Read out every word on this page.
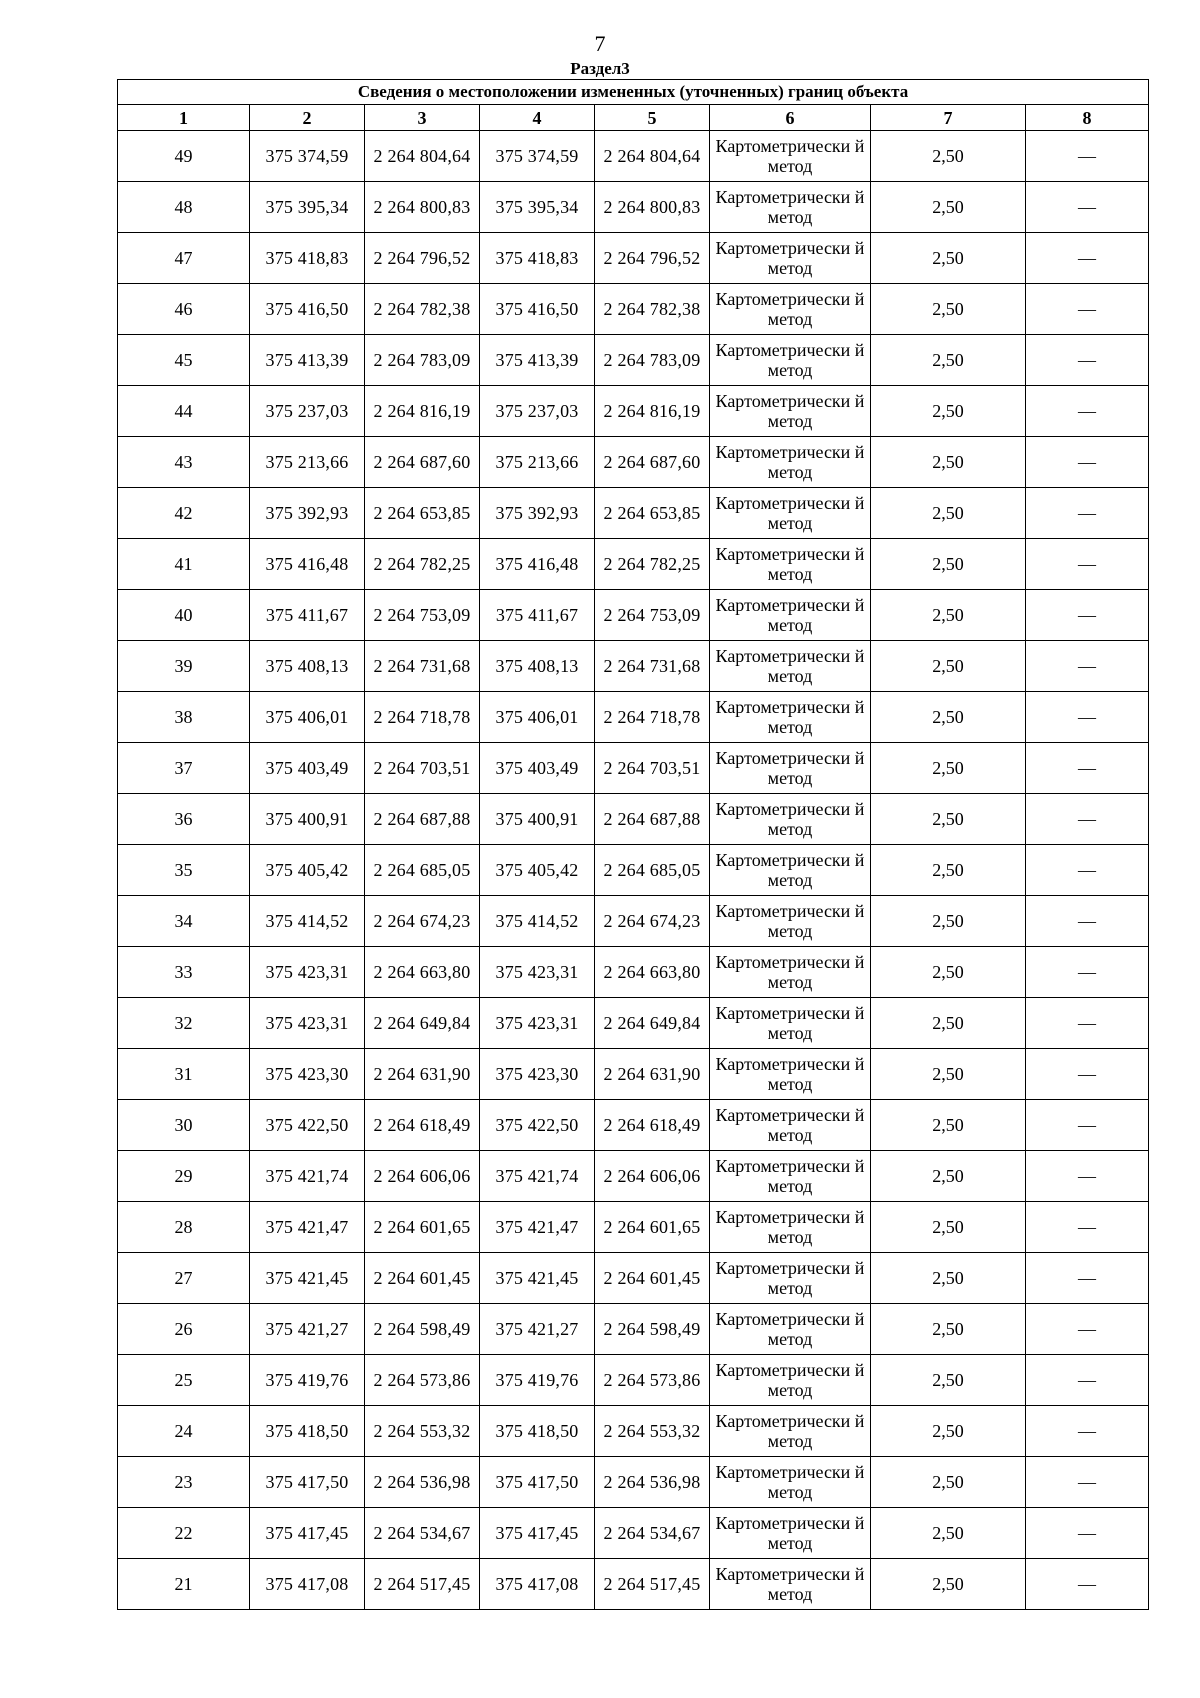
7
Раздел3
Сведения о местоположении измененных (уточненных) границ объекта							
1	2	3	4	5	6	7	8
49	375 374,59	2 264 804,64	375 374,59	2 264 804,64	Картометрически й метод	2,50	—
48	375 395,34	2 264 800,83	375 395,34	2 264 800,83	Картометрически й метод	2,50	—
47	375 418,83	2 264 796,52	375 418,83	2 264 796,52	Картометрически й метод	2,50	—
46	375 416,50	2 264 782,38	375 416,50	2 264 782,38	Картометрически й метод	2,50	—
45	375 413,39	2 264 783,09	375 413,39	2 264 783,09	Картометрически й метод	2,50	—
44	375 237,03	2 264 816,19	375 237,03	2 264 816,19	Картометрически й метод	2,50	—
43	375 213,66	2 264 687,60	375 213,66	2 264 687,60	Картометрически й метод	2,50	—
42	375 392,93	2 264 653,85	375 392,93	2 264 653,85	Картометрически й метод	2,50	—
41	375 416,48	2 264 782,25	375 416,48	2 264 782,25	Картометрически й метод	2,50	—
40	375 411,67	2 264 753,09	375 411,67	2 264 753,09	Картометрически й метод	2,50	—
39	375 408,13	2 264 731,68	375 408,13	2 264 731,68	Картометрически й метод	2,50	—
38	375 406,01	2 264 718,78	375 406,01	2 264 718,78	Картометрически й метод	2,50	—
37	375 403,49	2 264 703,51	375 403,49	2 264 703,51	Картометрически й метод	2,50	—
36	375 400,91	2 264 687,88	375 400,91	2 264 687,88	Картометрически й метод	2,50	—
35	375 405,42	2 264 685,05	375 405,42	2 264 685,05	Картометрически й метод	2,50	—
34	375 414,52	2 264 674,23	375 414,52	2 264 674,23	Картометрически й метод	2,50	—
33	375 423,31	2 264 663,80	375 423,31	2 264 663,80	Картометрически й метод	2,50	—
32	375 423,31	2 264 649,84	375 423,31	2 264 649,84	Картометрически й метод	2,50	—
31	375 423,30	2 264 631,90	375 423,30	2 264 631,90	Картометрически й метод	2,50	—
30	375 422,50	2 264 618,49	375 422,50	2 264 618,49	Картометрически й метод	2,50	—
29	375 421,74	2 264 606,06	375 421,74	2 264 606,06	Картометрически й метод	2,50	—
28	375 421,47	2 264 601,65	375 421,47	2 264 601,65	Картометрически й метод	2,50	—
27	375 421,45	2 264 601,45	375 421,45	2 264 601,45	Картометрически й метод	2,50	—
26	375 421,27	2 264 598,49	375 421,27	2 264 598,49	Картометрически й метод	2,50	—
25	375 419,76	2 264 573,86	375 419,76	2 264 573,86	Картометрически й метод	2,50	—
24	375 418,50	2 264 553,32	375 418,50	2 264 553,32	Картометрически й метод	2,50	—
23	375 417,50	2 264 536,98	375 417,50	2 264 536,98	Картометрически й метод	2,50	—
22	375 417,45	2 264 534,67	375 417,45	2 264 534,67	Картометрически й метод	2,50	—
21	375 417,08	2 264 517,45	375 417,08	2 264 517,45	Картометрически й метод	2,50	—
